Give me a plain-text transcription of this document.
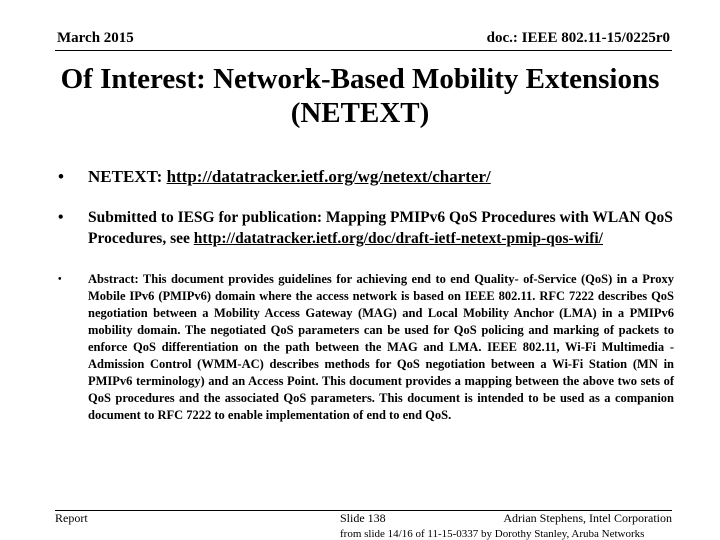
March 2015	doc.: IEEE 802.11-15/0225r0
Of Interest: Network-Based Mobility Extensions (NETEXT)
• NETEXT: http://datatracker.ietf.org/wg/netext/charter/
• Submitted to IESG for publication: Mapping PMIPv6 QoS Procedures with WLAN QoS Procedures, see http://datatracker.ietf.org/doc/draft-ietf-netext-pmip-qos-wifi/
• Abstract: This document provides guidelines for achieving end to end Quality- of-Service (QoS) in a Proxy Mobile IPv6 (PMIPv6) domain where the access network is based on IEEE 802.11. RFC 7222 describes QoS negotiation between a Mobility Access Gateway (MAG) and Local Mobility Anchor (LMA) in a PMIPv6 mobility domain. The negotiated QoS parameters can be used for QoS policing and marking of packets to enforce QoS differentiation on the path between the MAG and LMA. IEEE 802.11, Wi-Fi Multimedia - Admission Control (WMM-AC) describes methods for QoS negotiation between a Wi-Fi Station (MN in PMIPv6 terminology) and an Access Point. This document provides a mapping between the above two sets of QoS procedures and the associated QoS parameters. This document is intended to be used as a companion document to RFC 7222 to enable implementation of end to end QoS.
Report	Slide 138	Adrian Stephens, Intel Corporation
from slide 14/16 of 11-15-0337 by Dorothy Stanley, Aruba Networks
